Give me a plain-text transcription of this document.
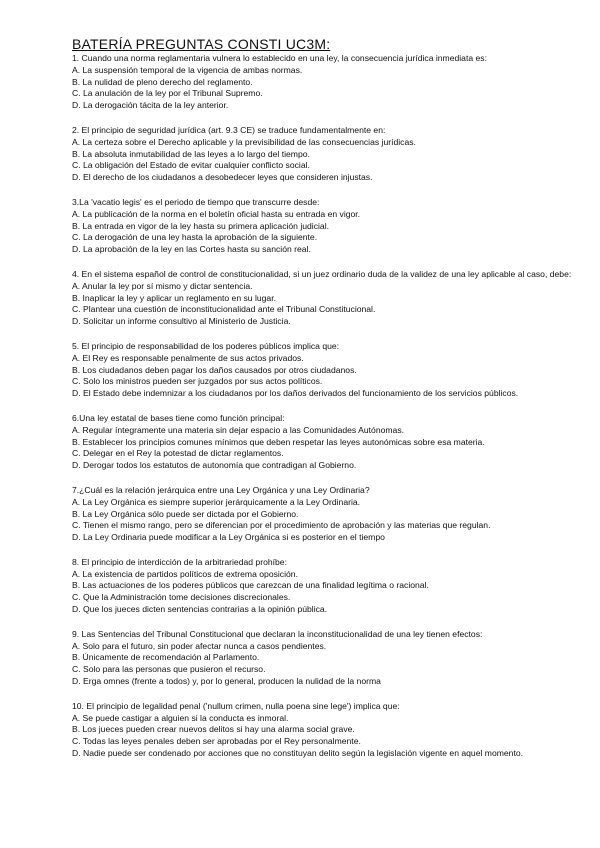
BATERÍA PREGUNTAS CONSTI UC3M:

1. Cuando una norma reglamentaria vulnera lo establecido en una ley, la consecuencia jurídica inmediata es:

A. La suspensión temporal de la vigencia de ambas normas.

B. La nulidad de pleno derecho del reglamento.

C. La anulación de la ley por el Tribunal Supremo.

D. La derogación tácita de la ley anterior.

2. El principio de seguridad jurídica (art. 9.3 CE) se traduce fundamentalmente en:

A. La certeza sobre el Derecho aplicable y la previsibilidad de las consecuencias jurídicas.

B. La absoluta inmutabilidad de las leyes a lo largo del tiempo.

C. La obligación del Estado de evitar cualquier conflicto social.

D. El derecho de los ciudadanos a desobedecer leyes que consideren injustas.

3.La 'vacatio legis' es el periodo de tiempo que transcurre desde:

A. La publicación de la norma en el boletín oficial hasta su entrada en vigor.

B. La entrada en vigor de la ley hasta su primera aplicación judicial.

C. La derogación de una ley hasta la aprobación de la siguiente.

D. La aprobación de la ley en las Cortes hasta su sanción real.

4. En el sistema español de control de constitucionalidad, si un juez ordinario duda de la validez de una ley aplicable al caso, debe:

A. Anular la ley por sí mismo y dictar sentencia.

B. Inaplicar la ley y aplicar un reglamento en su lugar.

C. Plantear una cuestión de inconstitucionalidad ante el Tribunal Constitucional.

D. Solicitar un informe consultivo al Ministerio de Justicia.

5. El principio de responsabilidad de los poderes públicos implica que:

A. El Rey es responsable penalmente de sus actos privados.

B. Los ciudadanos deben pagar los daños causados por otros ciudadanos.

C. Solo los ministros pueden ser juzgados por sus actos políticos.

D. El Estado debe indemnizar a los ciudadanos por los daños derivados del funcionamiento de los servicios públicos.

6.Una ley estatal de bases tiene como función principal:

A. Regular íntegramente una materia sin dejar espacio a las Comunidades Autónomas.

B. Establecer los principios comunes mínimos que deben respetar las leyes autonómicas sobre esa materia.

C. Delegar en el Rey la potestad de dictar reglamentos.

D. Derogar todos los estatutos de autonomía que contradigan al Gobierno.

7.¿Cuál es la relación jerárquica entre una Ley Orgánica y una Ley Ordinaria?

A. La Ley Orgánica es siempre superior jerárquicamente a la Ley Ordinaria.

B. La Ley Orgánica sólo puede ser dictada por el Gobierno.

C. Tienen el mismo rango, pero se diferencian por el procedimiento de aprobación y las materias que regulan.

D. La Ley Ordinaria puede modificar a la Ley Orgánica si es posterior en el tiempo

8. El principio de interdicción de la arbitrariedad prohíbe:

A. La existencia de partidos políticos de extrema oposición.

B. Las actuaciones de los poderes públicos que carezcan de una finalidad legítima o racional.

C. Que la Administración tome decisiones discrecionales.

D. Que los jueces dicten sentencias contrarias a la opinión pública.

9. Las Sentencias del Tribunal Constitucional que declaran la inconstitucionalidad de una ley tienen efectos:

A. Solo para el futuro, sin poder afectar nunca a casos pendientes.

B. Únicamente de recomendación al Parlamento.

C. Solo para las personas que pusieron el recurso.

D. Erga omnes (frente a todos) y, por lo general, producen la nulidad de la norma

10. El principio de legalidad penal ('nullum crimen, nulla poena sine lege') implica que:

A. Se puede castigar a alguien si la conducta es inmoral.

B. Los jueces pueden crear nuevos delitos si hay una alarma social grave.

C. Todas las leyes penales deben ser aprobadas por el Rey personalmente.

D. Nadie puede ser condenado por acciones que no constituyan delito según la legislación vigente en aquel momento.
